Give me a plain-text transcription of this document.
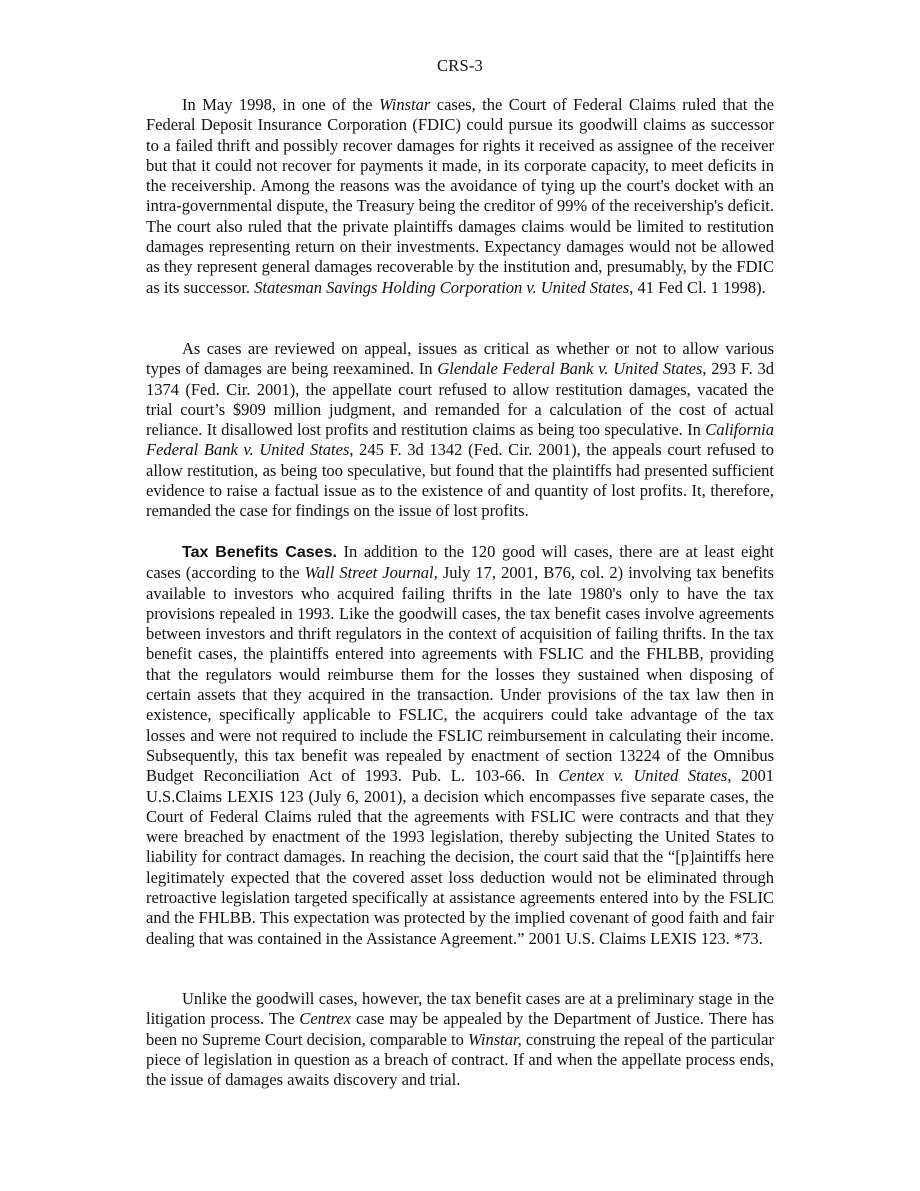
CRS-3

In May 1998, in one of the Winstar cases, the Court of Federal Claims ruled that the Federal Deposit Insurance Corporation (FDIC) could pursue its goodwill claims as successor to a failed thrift and possibly recover damages for rights it received as assignee of the receiver but that it could not recover for payments it made, in its corporate capacity, to meet deficits in the receivership. Among the reasons was the avoidance of tying up the court's docket with an intra-governmental dispute, the Treasury being the creditor of 99% of the receivership's deficit. The court also ruled that the private plaintiffs damages claims would be limited to restitution damages representing return on their investments. Expectancy damages would not be allowed as they represent general damages recoverable by the institution and, presumably, by the FDIC as its successor. Statesman Savings Holding Corporation v. United States, 41 Fed Cl. 1 1998).

As cases are reviewed on appeal, issues as critical as whether or not to allow various types of damages are being reexamined. In Glendale Federal Bank v. United States, 293 F. 3d 1374 (Fed. Cir. 2001), the appellate court refused to allow restitution damages, vacated the trial court’s $909 million judgment, and remanded for a calculation of the cost of actual reliance. It disallowed lost profits and restitution claims as being too speculative. In California Federal Bank v. United States, 245 F. 3d 1342 (Fed. Cir. 2001), the appeals court refused to allow restitution, as being too speculative, but found that the plaintiffs had presented sufficient evidence to raise a factual issue as to the existence of and quantity of lost profits. It, therefore, remanded the case for findings on the issue of lost profits.

Tax Benefits Cases. In addition to the 120 good will cases, there are at least eight cases (according to the Wall Street Journal, July 17, 2001, B76, col. 2) involving tax benefits available to investors who acquired failing thrifts in the late 1980's only to have the tax provisions repealed in 1993. Like the goodwill cases, the tax benefit cases involve agreements between investors and thrift regulators in the context of acquisition of failing thrifts. In the tax benefit cases, the plaintiffs entered into agreements with FSLIC and the FHLBB, providing that the regulators would reimburse them for the losses they sustained when disposing of certain assets that they acquired in the transaction. Under provisions of the tax law then in existence, specifically applicable to FSLIC, the acquirers could take advantage of the tax losses and were not required to include the FSLIC reimbursement in calculating their income. Subsequently, this tax benefit was repealed by enactment of section 13224 of the Omnibus Budget Reconciliation Act of 1993. Pub. L. 103-66. In Centex v. United States, 2001 U.S.Claims LEXIS 123 (July 6, 2001), a decision which encompasses five separate cases, the Court of Federal Claims ruled that the agreements with FSLIC were contracts and that they were breached by enactment of the 1993 legislation, thereby subjecting the United States to liability for contract damages. In reaching the decision, the court said that the “[p]aintiffs here legitimately expected that the covered asset loss deduction would not be eliminated through retroactive legislation targeted specifically at assistance agreements entered into by the FSLIC and the FHLBB. This expectation was protected by the implied covenant of good faith and fair dealing that was contained in the Assistance Agreement.” 2001 U.S. Claims LEXIS 123. *73.

Unlike the goodwill cases, however, the tax benefit cases are at a preliminary stage in the litigation process. The Centrex case may be appealed by the Department of Justice. There has been no Supreme Court decision, comparable to Winstar, construing the repeal of the particular piece of legislation in question as a breach of contract. If and when the appellate process ends, the issue of damages awaits discovery and trial.
